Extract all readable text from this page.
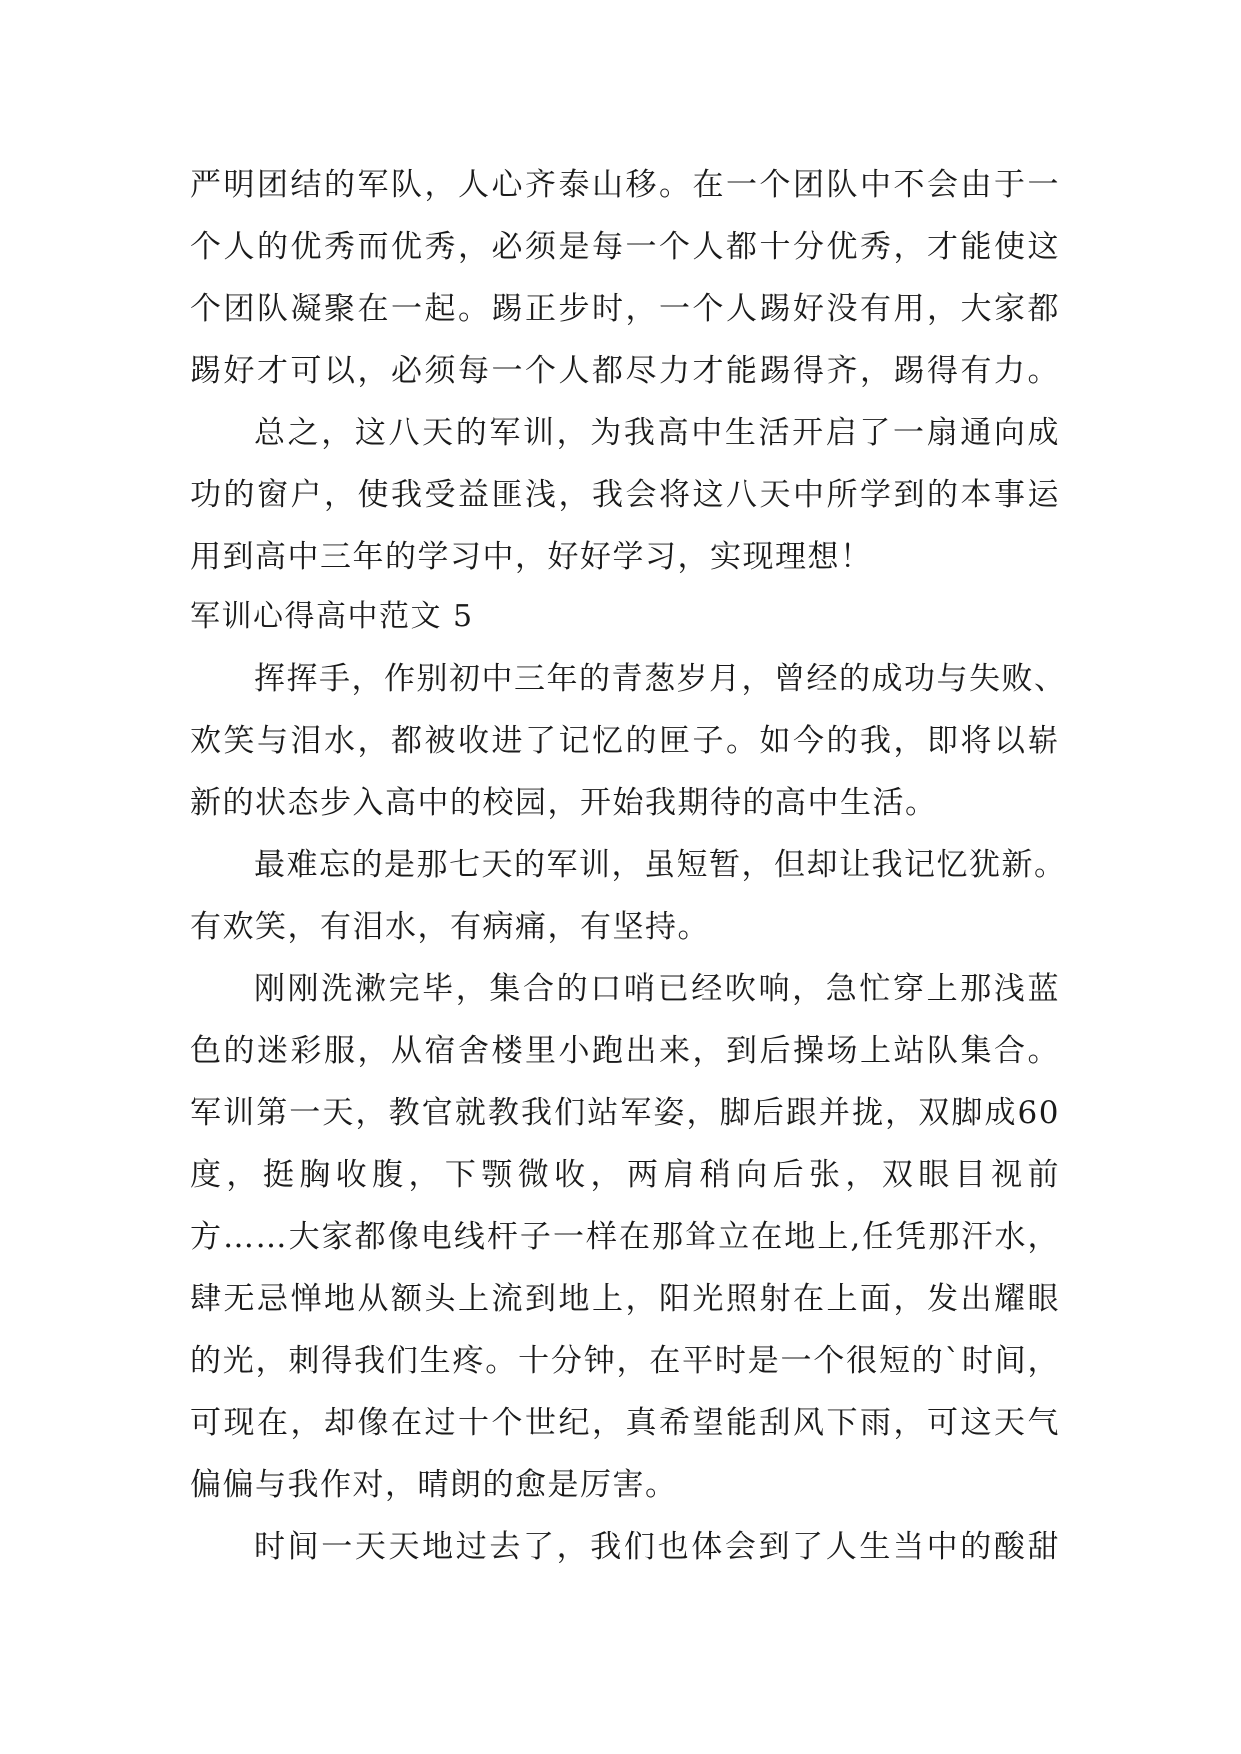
严明团结的军队，人心齐泰山移。在一个团队中不会由于一
个人的优秀而优秀，必须是每一个人都十分优秀，才能使这
个团队凝聚在一起。踢正步时，一个人踢好没有用，大家都
踢好才可以，必须每一个人都尽力才能踢得齐，踢得有力。
总之，这八天的军训，为我高中生活开启了一扇通向成
功的窗户，使我受益匪浅，我会将这八天中所学到的本事运
用到高中三年的学习中，好好学习，实现理想！
军训心得高中范文 5
挥挥手，作别初中三年的青葱岁月，曾经的成功与失败、
欢笑与泪水，都被收进了记忆的匣子。如今的我，即将以崭
新的状态步入高中的校园，开始我期待的高中生活。
最难忘的是那七天的军训，虽短暂，但却让我记忆犹新。
有欢笑，有泪水，有病痛，有坚持。
刚刚洗漱完毕，集合的口哨已经吹响，急忙穿上那浅蓝
色的迷彩服，从宿舍楼里小跑出来，到后操场上站队集合。
军训第一天，教官就教我们站军姿，脚后跟并拢，双脚成60
度，挺胸收腹，下颚微收，两肩稍向后张，双眼目视前
方……大家都像电线杆子一样在那耸立在地上,任凭那汗水，
肆无忌惮地从额头上流到地上，阳光照射在上面，发出耀眼
的光，刺得我们生疼。十分钟，在平时是一个很短的`时间，
可现在，却像在过十个世纪，真希望能刮风下雨，可这天气
偏偏与我作对，晴朗的愈是厉害。
时间一天天地过去了，我们也体会到了人生当中的酸甜
